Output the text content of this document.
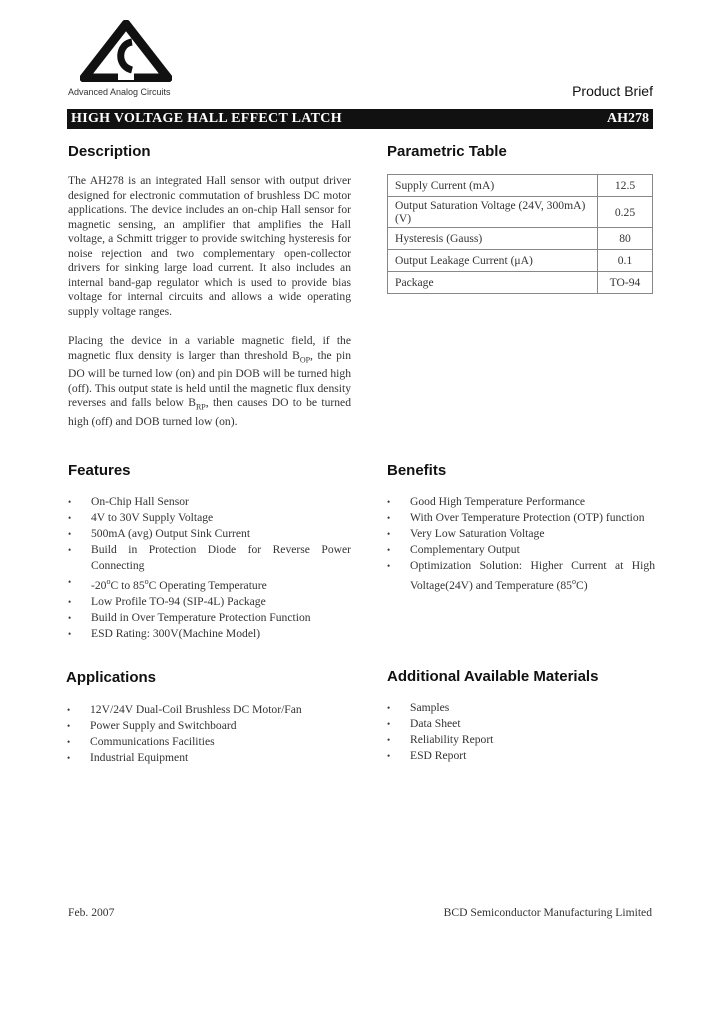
Advanced Analog Circuits	Product Brief
HIGH VOLTAGE HALL EFFECT LATCH	AH278
Description

The AH278 is an integrated Hall sensor with output driver designed for electronic commutation of brushless DC motor applications. The device includes an on-chip Hall sensor for magnetic sensing, an amplifier that amplifies the Hall voltage, a Schmitt trigger to provide switching hysteresis for noise rejection and two complementary open-collector drivers for sinking large load current. It also includes an internal band-gap regulator which is used to provide bias voltage for internal circuits and allows a wide operating supply voltage ranges.

Placing the device in a variable magnetic field, if the magnetic flux density is larger than threshold $B_{OP}$, the pin DO will be turned low (on) and pin DOB will be turned high (off). This output state is held until the magnetic flux density reverses and falls below $B_{RP}$, then causes DO to be turned high (off) and DOB turned low (on).

Parametric Table
Supply Current (mA)	12.5
Output Saturation Voltage (24V, 300mA) (V)	0.25
Hysteresis (Gauss)	80
Output Leakage Current (μA)	0.1
Package	TO-94
Features
• On-Chip Hall Sensor
• 4V to 30V Supply Voltage
• 500mA (avg) Output Sink Current
• Build in Protection Diode for Reverse Power Connecting
• -20$^o$C to 85$^o$C Operating Temperature
• Low Profile TO-94 (SIP-4L) Package
• Build in Over Temperature Protection Function
• ESD Rating: 300V(Machine Model)
Benefits
• Good High Temperature Performance
• With Over Temperature Protection (OTP) function
• Very Low Saturation Voltage
• Complementary Output
• Optimization Solution: Higher Current at High Voltage(24V) and Temperature (85$^o$C)
Applications
• 12V/24V Dual-Coil Brushless DC Motor/Fan
• Power Supply and Switchboard
• Communications Facilities
• Industrial Equipment
Additional Available Materials
• Samples
• Data Sheet
• Reliability Report
• ESD Report
Feb. 2007	BCD Semiconductor Manufacturing Limited
